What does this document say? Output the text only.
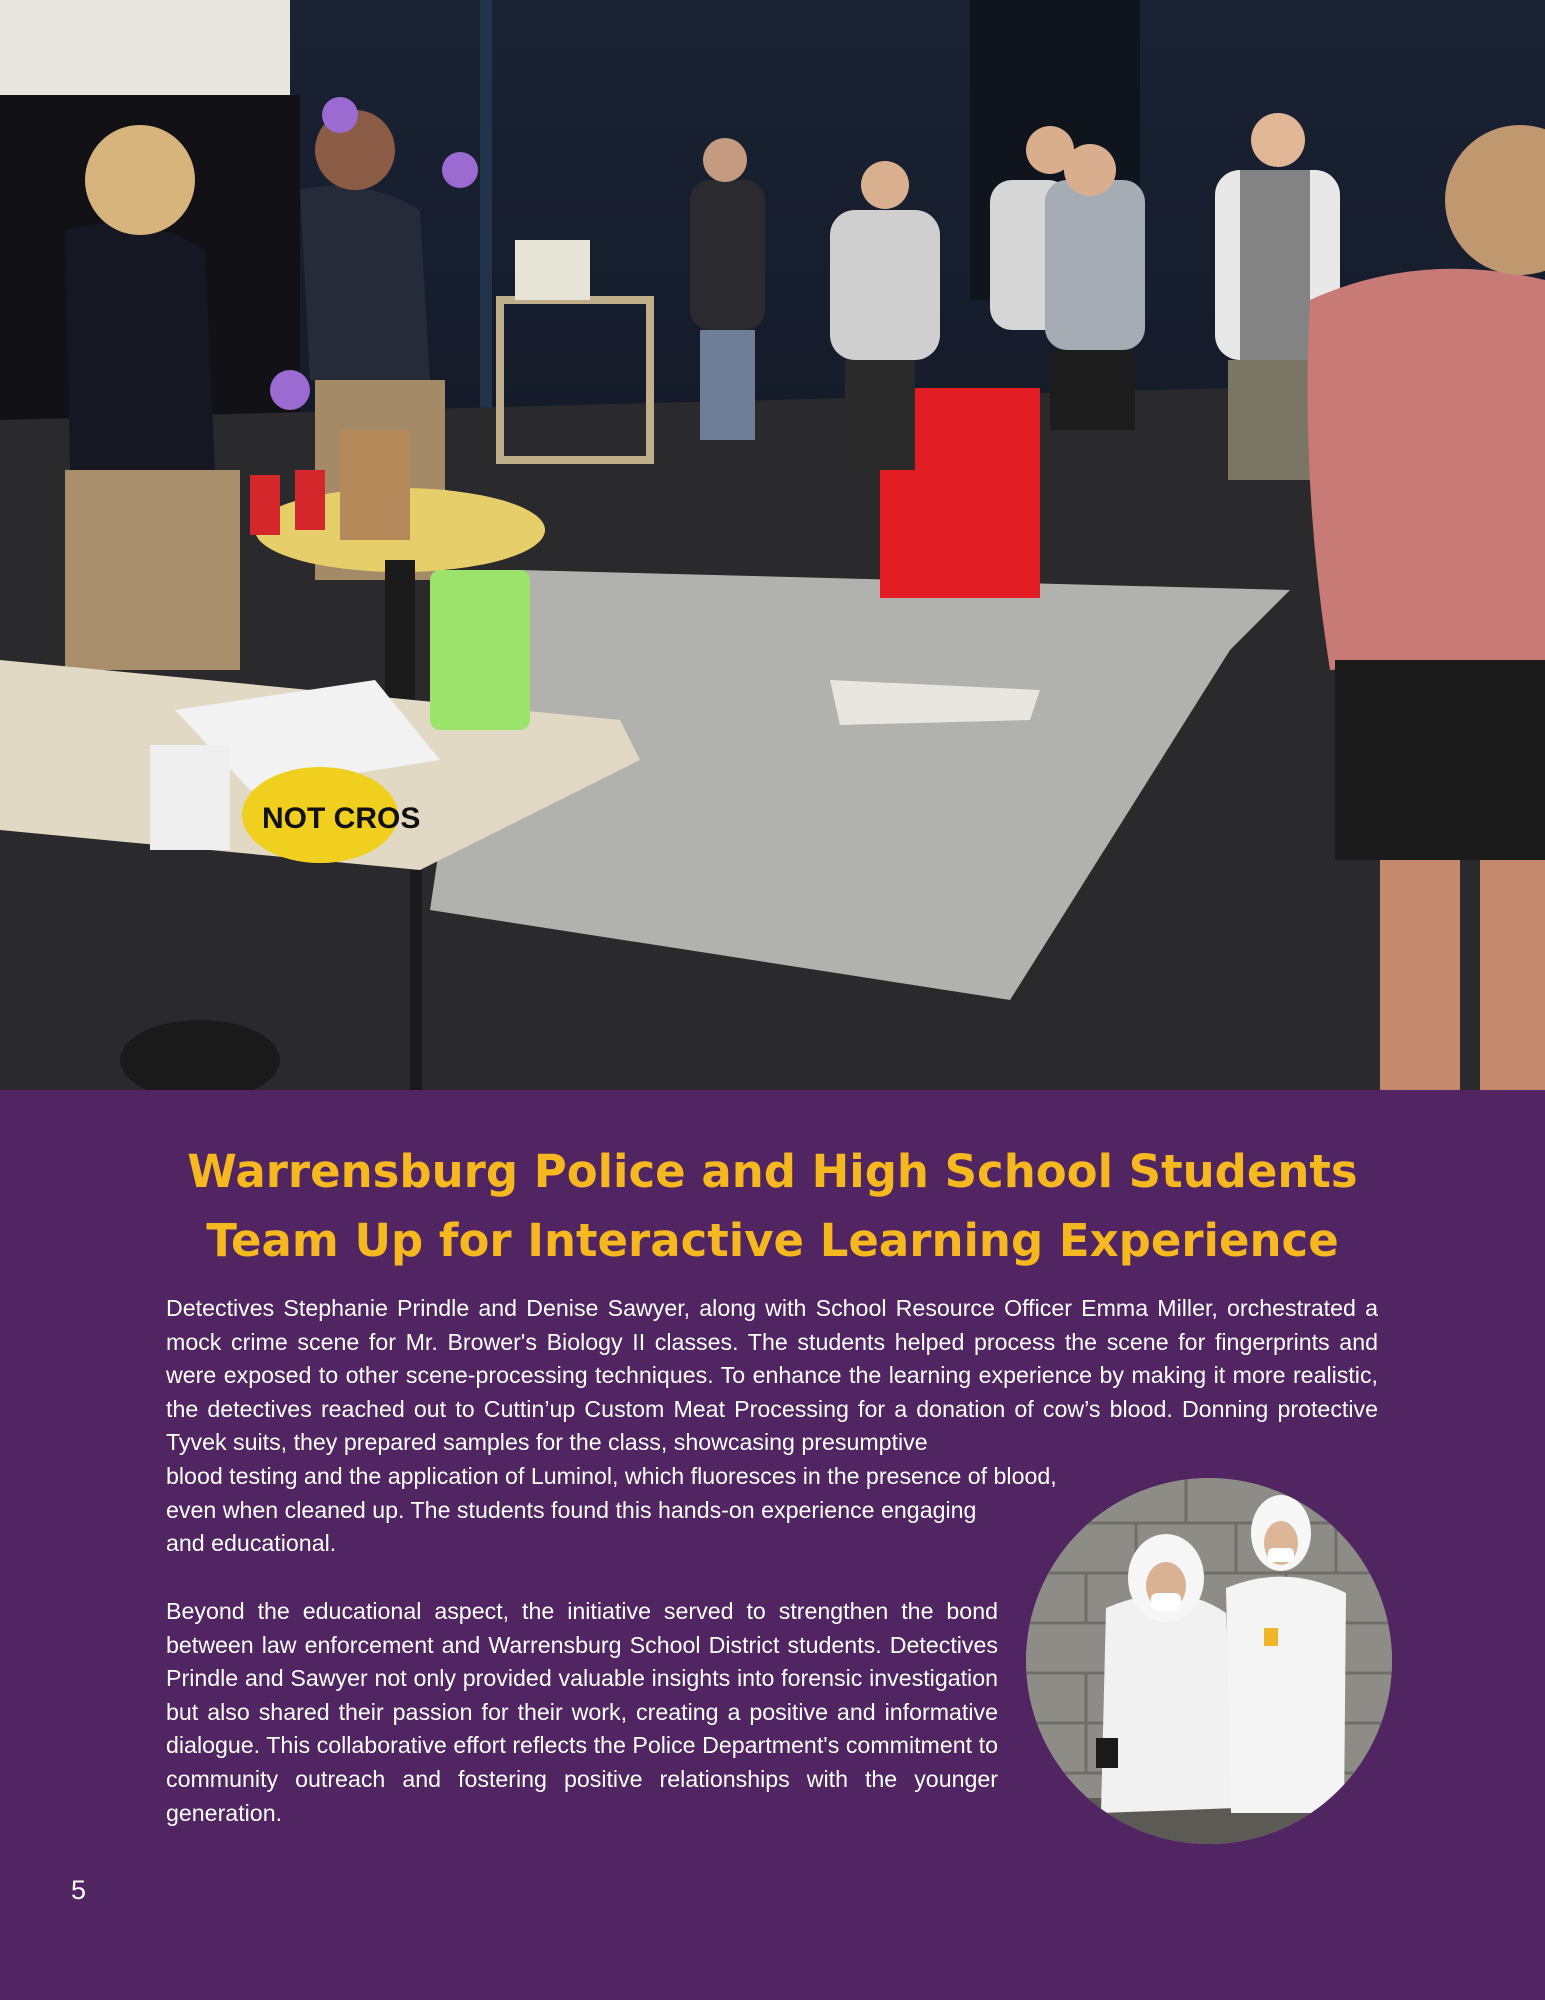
NOT CROS
Warrensburg Police and High School Students
Team Up for Interactive Learning Experience

Detectives Stephanie Prindle and Denise Sawyer, along with School Resource Officer Emma Miller, orchestrated a mock crime scene for Mr. Brower's Biology II classes. The students helped process the scene for fingerprints and were exposed to other scene-processing techniques. To enhance the learning experience by making it more realistic, the detectives reached out to Cuttin’up Custom Meat Processing for a donation of cow’s blood. Donning protective Tyvek suits, they prepared samples for the class, showcasing presumptive

blood testing and the application of Luminol, which fluoresces in the presence of blood,
even when cleaned up. The students found this hands-on experience engaging
and educational.

Beyond the educational aspect, the initiative served to strengthen the bond between law enforcement and Warrensburg School District students. Detectives Prindle and Sawyer not only provided valuable insights into forensic investigation but also shared their passion for their work, creating a positive and informative dialogue. This collaborative effort reflects the Police Department's commitment to community outreach and fostering positive relationships with the younger generation.

5
